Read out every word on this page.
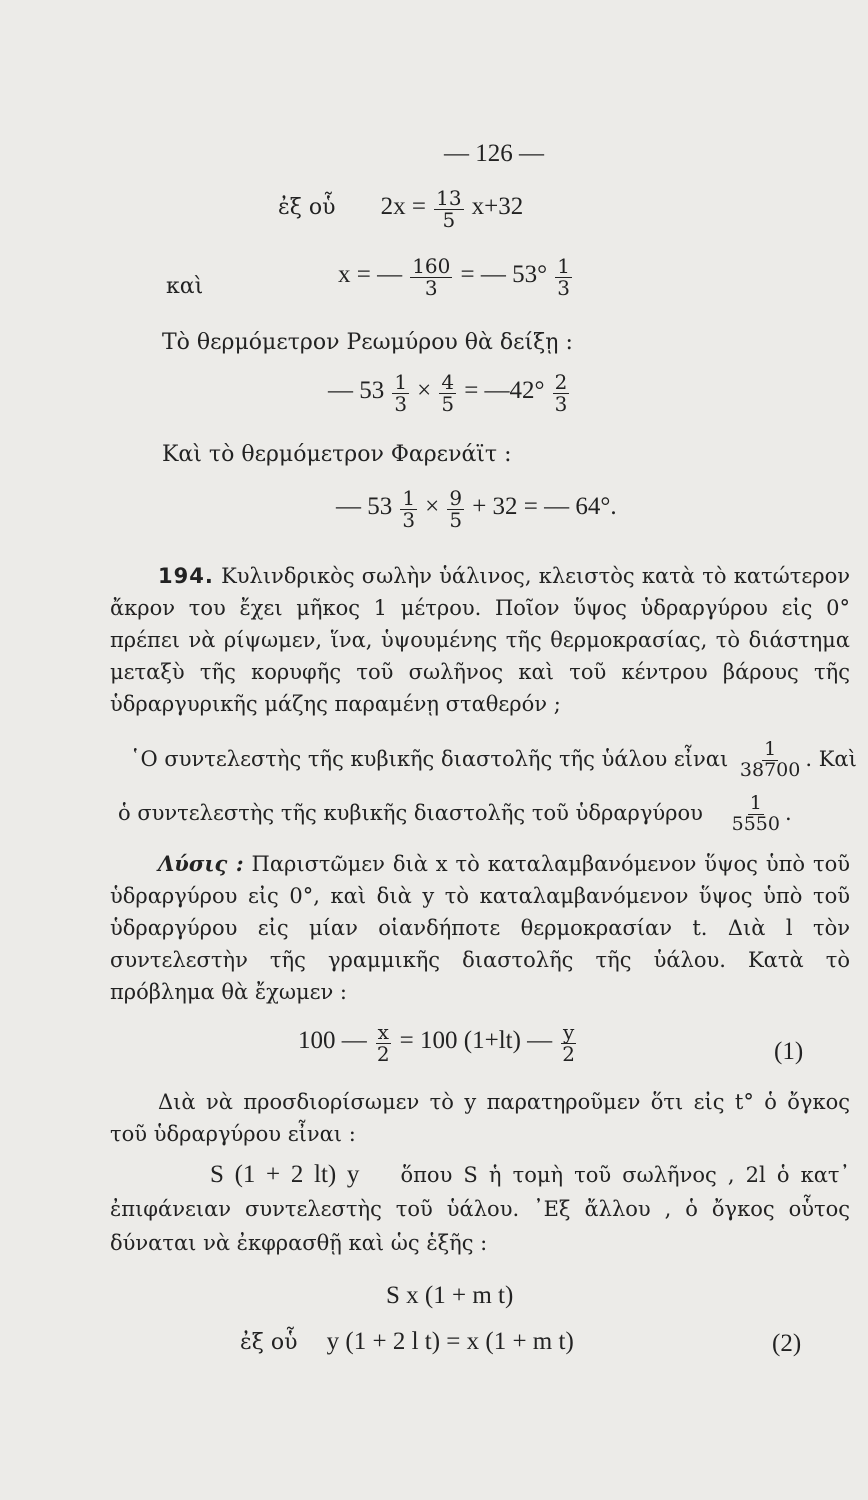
— 126 —
ἐξ οὗ $2x = \frac{13}{5} x+32$
καὶ	x = — $\frac{160}{3}$ = — $53^\circ \frac{1}{3}$
Τὸ θερμόμετρον Ρεωμύρου θὰ δείξῃ :
— $53 \frac{1}{3} \times \frac{4}{5}$ = —42° $\frac{2}{3}$
Καὶ τὸ θερμόμετρον Φαρενάϊτ :
— $53 \frac{1}{3} \times \frac{9}{5} + 32$ = — 64°.
194. Κυλινδρικὸς σωλὴν ὑάλινος, κλειστὸς κατὰ τὸ κατώτερον ἄκρον του ἔχει μῆκος 1 μέτρου. Ποῖον ὕψος ὑδραργύρου εἰς 0° πρέπει νὰ ρίψωμεν, ἵνα, ὑψουμένης τῆς θερμοκρασίας, τὸ διάστημα μεταξὺ τῆς κορυφῆς τοῦ σωλῆνος καὶ τοῦ κέντρου βάρους τῆς ὑδραργυρικῆς μάζης παραμένῃ σταθερόν ;
῾Ο συντελεστὴς τῆς κυβικῆς διαστολῆς τῆς ὑάλου εἶναι $\frac{1}{38700}$ . Καὶ
ὁ συντελεστὴς τῆς κυβικῆς διαστολῆς τοῦ ὑδραργύρου $\frac{1}{5550}$ .
Λύσις : Παριστῶμεν διὰ x τὸ καταλαμβανόμενον ὕψος ὑπὸ τοῦ ὑδραργύρου εἰς 0°, καὶ διὰ y τὸ καταλαμβανόμενον ὕψος ὑπὸ τοῦ ὑδραργύρου εἰς μίαν οἱανδήποτε θερμοκρασίαν t. Διὰ l τὸν συντελεστὴν τῆς γραμμικῆς διαστολῆς τῆς ὑάλου. Κατὰ τὸ πρόβλημα θὰ ἔχωμεν :
100 — $\frac{x}{2} = 100$ (1+lt) — $\frac{y}{2}$	(1)
Διὰ νὰ προσδιορίσωμεν τὸ y παρατηροῦμεν ὅτι εἰς t° ὁ ὄγκος τοῦ ὑδραργύρου εἶναι :
S (1 + 2 lt) y ὅπου S ἡ τομὴ τοῦ σωλῆνος , 2l ὁ κατ᾽ ἐπιφάνειαν συντελεστὴς τοῦ ὑάλου. ᾽Εξ ἄλλου , ὁ ὄγκος οὗτος δύναται νὰ ἐκφρασθῇ καὶ ὡς ἑξῆς :
S x (1 + m t)
ἐξ οὗ y (1 + 2 l t) = x (1 + m t)	(2)
